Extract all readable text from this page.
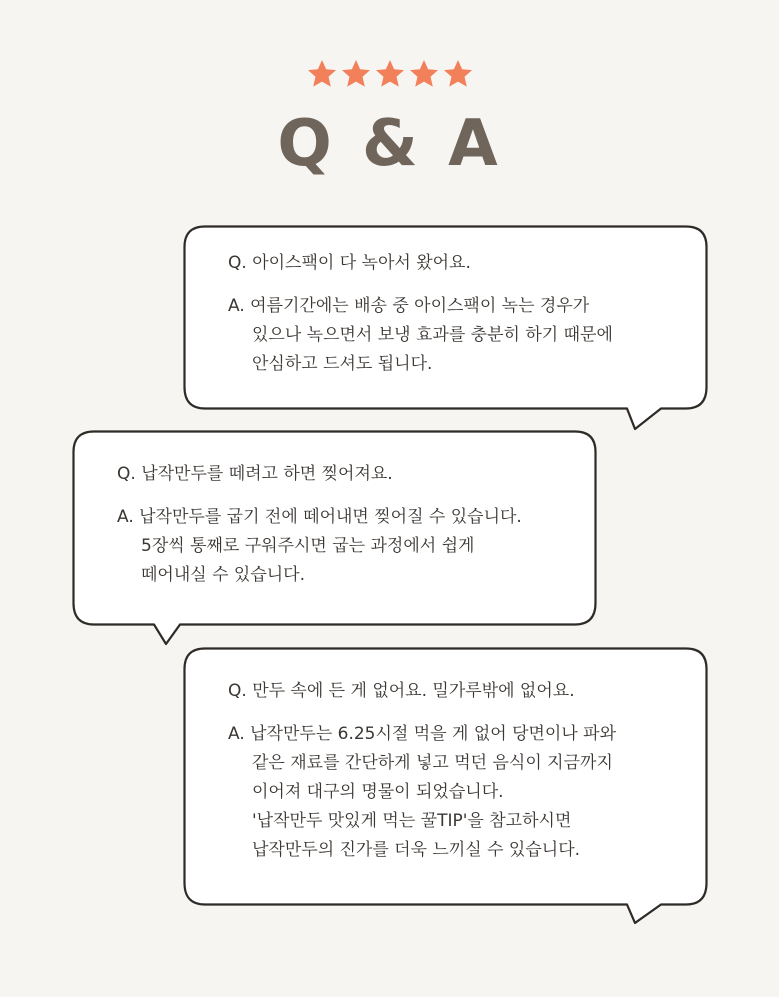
Q & A
Q. 아이스팩이 다 녹아서 왔어요.
A. 여름기간에는 배송 중 아이스팩이 녹는 경우가
있으나 녹으면서 보냉 효과를 충분히 하기 때문에
안심하고 드셔도 됩니다.
Q. 납작만두를 떼려고 하면 찢어져요.
A. 납작만두를 굽기 전에 떼어내면 찢어질 수 있습니다.
5장씩 통째로 구워주시면 굽는 과정에서 쉽게
떼어내실 수 있습니다.
Q. 만두 속에 든 게 없어요. 밀가루밖에 없어요.
A. 납작만두는 6.25시절 먹을 게 없어 당면이나 파와
같은 재료를 간단하게 넣고 먹던 음식이 지금까지
이어져 대구의 명물이 되었습니다.
'납작만두 맛있게 먹는 꿀TIP'을 참고하시면
납작만두의 진가를 더욱 느끼실 수 있습니다.
